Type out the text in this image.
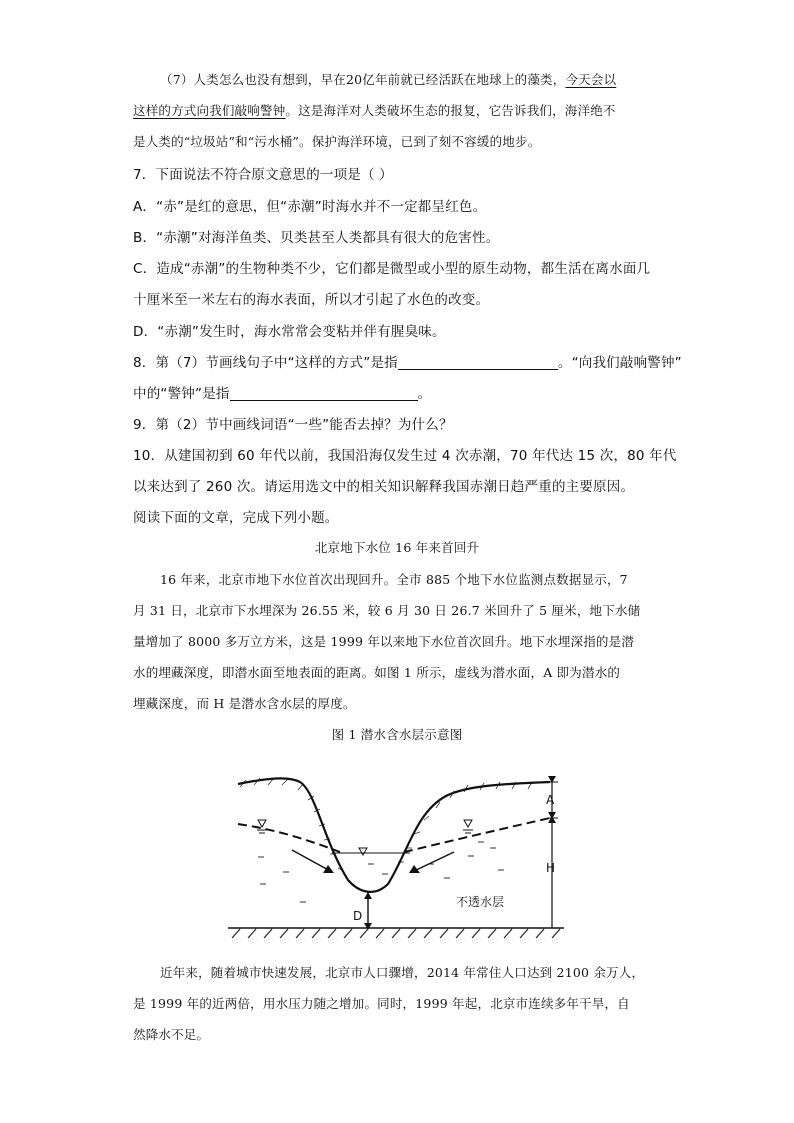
（7）人类怎么也没有想到，早在20亿年前就已经活跃在地球上的藻类，今天会以
这样的方式向我们敲响警钟。这是海洋对人类破坏生态的报复，它告诉我们，海洋绝不
是人类的“垃圾站”和“污水桶”。保护海洋环境，已到了刻不容缓的地步。
7．下面说法不符合原文意思的一项是（ ）
A．“赤”是红的意思，但“赤潮”时海水并不一定都呈红色。
B．“赤潮”对海洋鱼类、贝类甚至人类都具有很大的危害性。
C．造成“赤潮”的生物种类不少，它们都是微型或小型的原生动物，都生活在离水面几
十厘米至一米左右的海水表面，所以才引起了水色的改变。
D．“赤潮”发生时，海水常常会变粘并伴有腥臭味。
8．第（7）节画线句子中“这样的方式”是指	。“向我们敲响警钟”
中的“警钟”是指	。
9．第（2）节中画线词语“一些”能否去掉？为什么？
10．从建国初到 60 年代以前，我国沿海仅发生过 4 次赤潮，70 年代达 15 次，80 年代
以来达到了 260 次。请运用选文中的相关知识解释我国赤潮日趋严重的主要原因。
阅读下面的文章，完成下列小题。
北京地下水位 16 年来首回升
16 年来，北京市地下水位首次出现回升。全市 885 个地下水位监测点数据显示，7
月 31 日，北京市下水埋深为 26.55 米，较 6 月 30 日 26.7 米回升了 5 厘米，地下水储
量增加了 8000 多万立方米，这是 1999 年以来地下水位首次回升。地下水埋深指的是潜
水的埋藏深度，即潜水面至地表面的距离。如图 1 所示，虚线为潜水面，A 即为潜水的
埋藏深度，而 H 是潜水含水层的厚度。
图 1 潜水含水层示意图
A
H
D
不透水层
近年来，随着城市快速发展，北京市人口骤增，2014 年常住人口达到 2100 余万人，
是 1999 年的近两倍，用水压力随之增加。同时，1999 年起，北京市连续多年干旱，自
然降水不足。
